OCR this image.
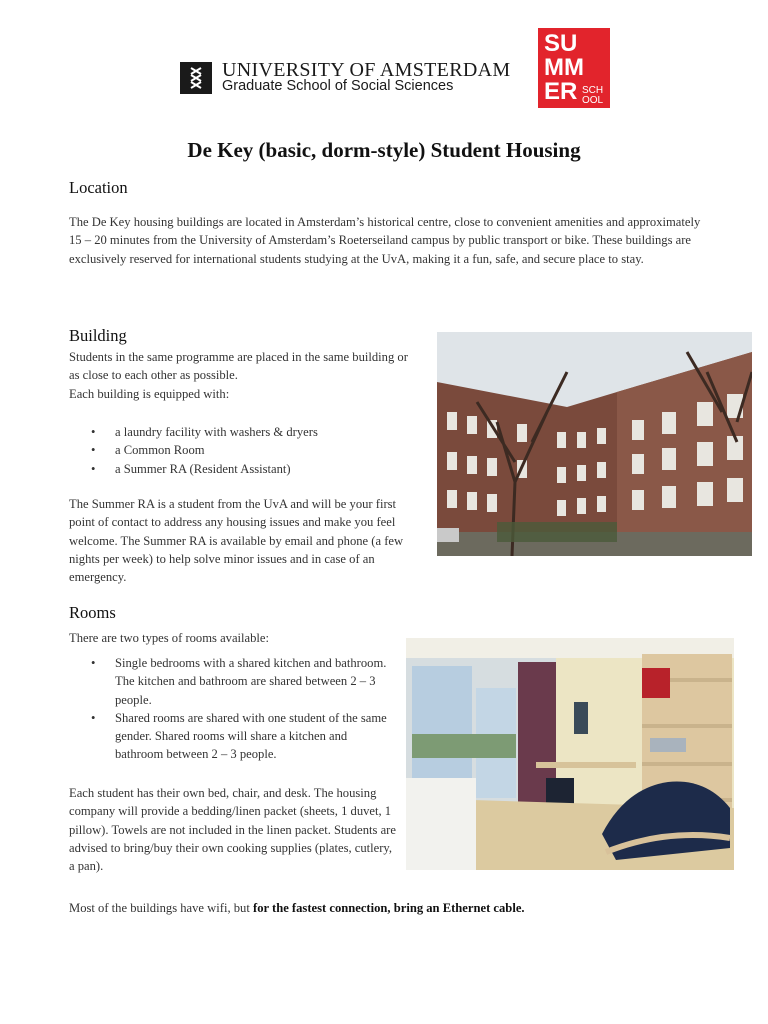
UNIVERSITY OF AMSTERDAM
Graduate School of Social Sciences
SU
MM
ER SCH
OOL
De Key (basic, dorm-style) Student Housing
Location

The De Key housing buildings are located in Amsterdam’s historical centre, close to convenient amenities and approximately 15 – 20 minutes from the University of Amsterdam’s Roeterseiland campus by public transport or bike. These buildings are exclusively reserved for international students studying at the UvA, making it a fun, safe, and secure place to stay.

Building

Students in the same programme are placed in the same building or as close to each other as possible.

Each building is equipped with:

• a laundry facility with washers & dryers
• a Common Room
• a Summer RA (Resident Assistant)

The Summer RA is a student from the UvA and will be your first point of contact to address any housing issues and make you feel welcome. The Summer RA is available by email and phone (a few nights per week) to help solve minor issues and in case of an emergency.

Rooms

There are two types of rooms available:

• Single bedrooms with a shared kitchen and bathroom. The kitchen and bathroom are shared between 2 – 3 people.
• Shared rooms are shared with one student of the same gender. Shared rooms will share a kitchen and bathroom between 2 – 3 people.

Each student has their own bed, chair, and desk. The housing company will provide a bedding/linen packet (sheets, 1 duvet, 1 pillow). Towels are not included in the linen packet. Students are advised to bring/buy their own cooking supplies (plates, cutlery, a pan).

Most of the buildings have wifi, but for the fastest connection, bring an Ethernet cable.
